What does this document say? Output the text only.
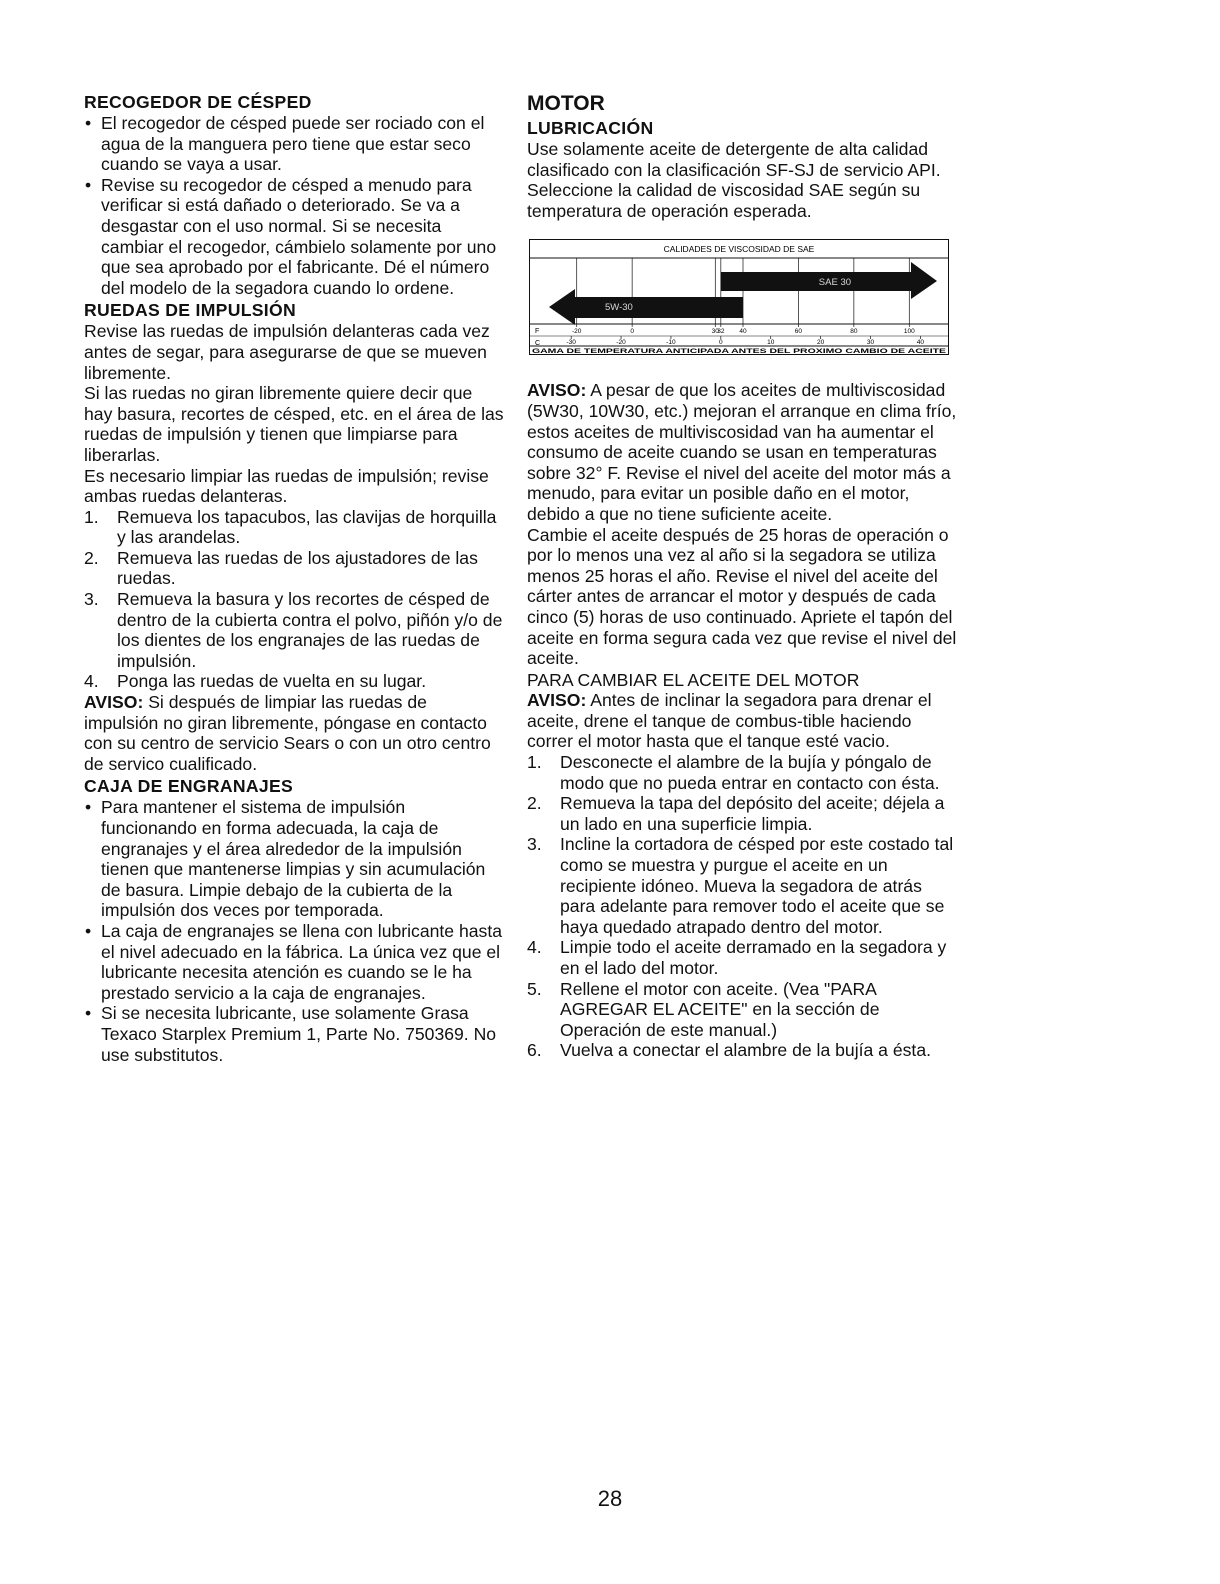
RECOGEDOR DE CÉSPED
• El recogedor de césped puede ser rociado con el agua de la manguera pero tiene que estar seco cuando se vaya a usar.
• Revise su recogedor de césped a menudo para verificar si está dañado o deteriorado. Se va a desgastar con el uso normal. Si se necesita cambiar el recogedor, cámbielo solamente por uno que sea aprobado por el fabricante. Dé el número del modelo de la segadora cuando lo ordene.
RUEDAS DE IMPULSIÓN

Revise las ruedas de impulsión delanteras cada vez antes de segar, para asegurarse de que se mueven libremente.

Si las ruedas no giran libremente quiere decir que hay basura, recortes de césped, etc. en el área de las ruedas de impulsión y tienen que limpiarse para liberarlas.

Es necesario limpiar las ruedas de impulsión; revise ambas ruedas delanteras.

1. Remueva los tapacubos, las clavijas de horquilla y las arandelas.
2. Remueva las ruedas de los ajustadores de las ruedas.
3. Remueva la basura y los recortes de césped de dentro de la cubierta contra el polvo, piñón y/o de los dientes de los engranajes de las ruedas de impulsión.
4. Ponga las ruedas de vuelta en su lugar.

AVISO: Si después de limpiar las ruedas de impulsión no giran libremente, póngase en contacto con su centro de servicio Sears o con un otro centro de servico cualificado.

CAJA DE ENGRANAJES
• Para mantener el sistema de impulsión funcionando en forma adecuada, la caja de engranajes y el área alrededor de la impulsión tienen que mantenerse limpias y sin acumulación de basura. Limpie debajo de la cubierta de la impulsión dos veces por temporada.
• La caja de engranajes se llena con lubricante hasta el nivel adecuado en la fábrica. La única vez que el lubricante necesita atención es cuando se le ha prestado servicio a la caja de engranajes.
• Si se necesita lubricante, use solamente Grasa Texaco Starplex Premium 1, Parte No. 750369. No use substitutos.
MOTOR
LUBRICACIÓN

Use solamente aceite de detergente de alta calidad clasificado con la clasificación SF-SJ de servicio API. Seleccione la calidad de viscosidad SAE según su temperatura de operación esperada.

CALIDADES DE VISCOSIDAD DE SAE
5W-30
SAE 30
F	-20	0	30
32 40	60	80	100
C	-30	-20	-10	0	10	20	30	40
GAMA DE TEMPERATURA ANTICIPADA ANTES DEL PROXIMO CAMBIO DE ACEITE

AVISO: A pesar de que los aceites de multiviscosidad (5W30, 10W30, etc.) mejoran el arranque en clima frío, estos aceites de multiviscosidad van ha aumentar el consumo de aceite cuando se usan en temperaturas sobre 32° F. Revise el nivel del aceite del motor más a menudo, para evitar un posible daño en el motor, debido a que no tiene suficiente aceite.

Cambie el aceite después de 25 horas de operación o por lo menos una vez al año si la segadora se utiliza menos 25 horas el año. Revise el nivel del aceite del cárter antes de arrancar el motor y después de cada cinco (5) horas de uso continuado. Apriete el tapón del aceite en forma segura cada vez que revise el nivel del aceite.

PARA CAMBIAR EL ACEITE DEL MOTOR

AVISO: Antes de inclinar la segadora para drenar el aceite, drene el tanque de combus-tible haciendo correr el motor hasta que el tanque esté vacio.

1. Desconecte el alambre de la bujía y póngalo de modo que no pueda entrar en contacto con ésta.
2. Remueva la tapa del depósito del aceite; déjela a un lado en una superficie limpia.
3. Incline la cortadora de césped por este costado tal como se muestra y purgue el aceite en un recipiente idóneo. Mueva la segadora de atrás para adelante para remover todo el aceite que se haya quedado atrapado dentro del motor.
4. Limpie todo el aceite derramado en la segadora y en el lado del motor.
5. Rellene el motor con aceite. (Vea "PARA AGREGAR EL ACEITE" en la sección de Operación de este manual.)
6. Vuelva a conectar el alambre de la bujía a ésta.
28
